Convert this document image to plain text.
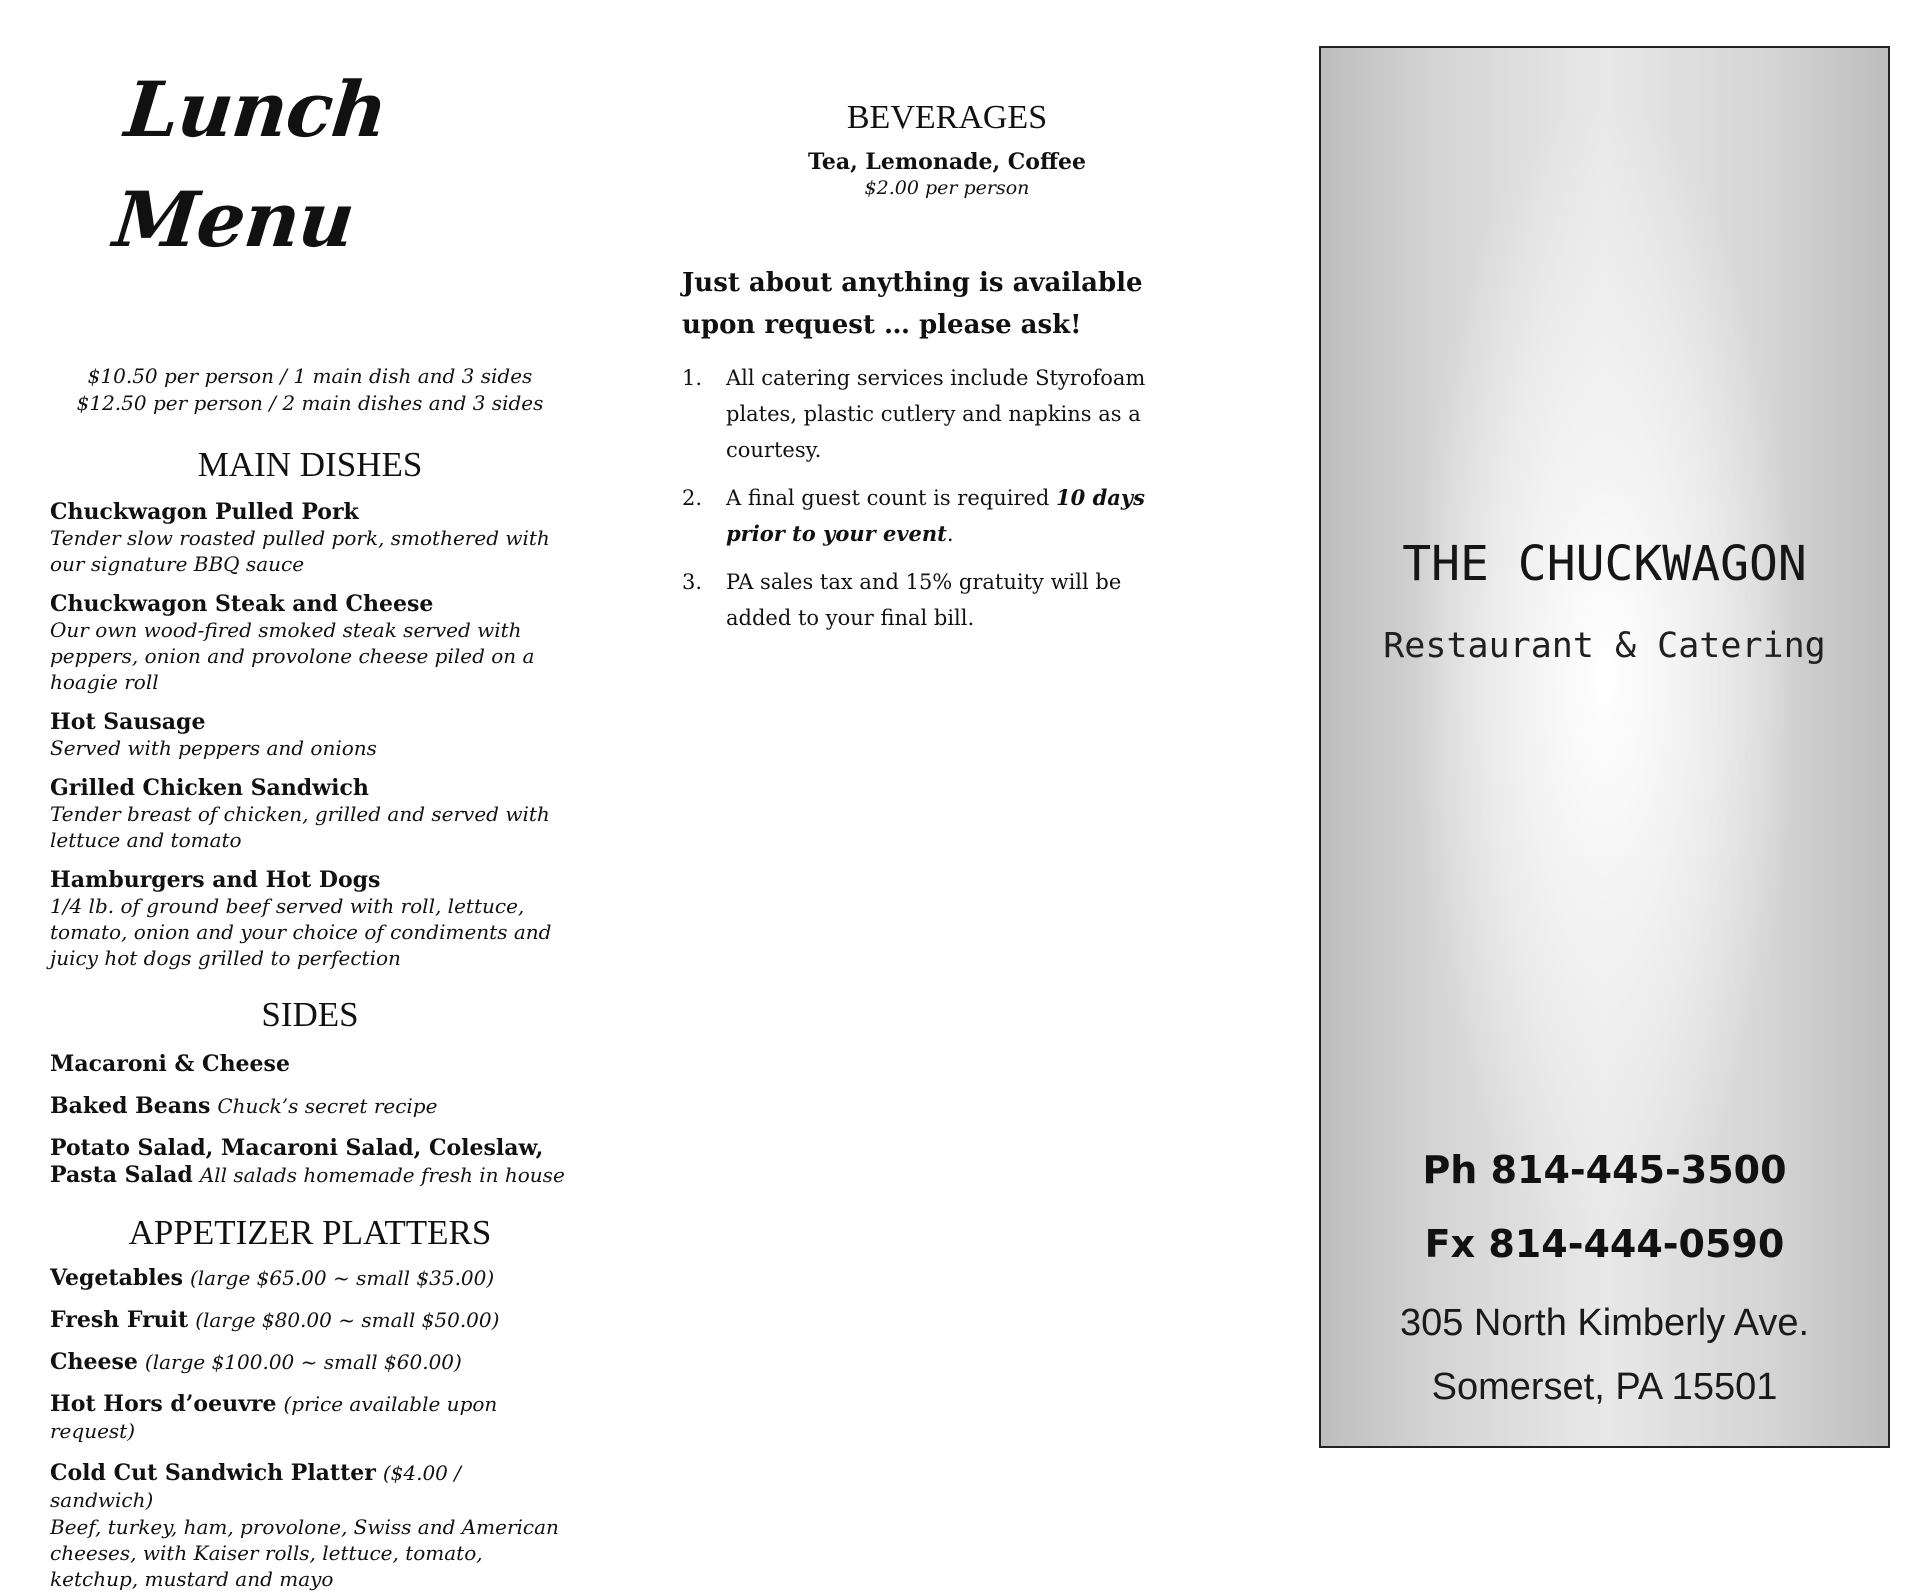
Lunch Menu
$10.50 per person / 1 main dish and 3 sides
$12.50 per person / 2 main dishes and 3 sides
MAIN DISHES
Chuckwagon Pulled Pork
Tender slow roasted pulled pork, smothered with our signature BBQ sauce
Chuckwagon Steak and Cheese
Our own wood-fired smoked steak served with peppers, onion and provolone cheese piled on a hoagie roll
Hot Sausage
Served with peppers and onions
Grilled Chicken Sandwich
Tender breast of chicken, grilled and served with lettuce and tomato
Hamburgers and Hot Dogs
1/4 lb. of ground beef served with roll, lettuce, tomato, onion and your choice of condiments and juicy hot dogs grilled to perfection
SIDES
Macaroni & Cheese
Baked Beans Chuck’s secret recipe
Potato Salad, Macaroni Salad, Coleslaw, Pasta Salad All salads homemade fresh in house
APPETIZER PLATTERS
Vegetables (large $65.00 ~ small $35.00)
Fresh Fruit (large $80.00 ~ small $50.00)
Cheese (large $100.00 ~ small $60.00)
Hot Hors d’oeuvre (price available upon request)
Cold Cut Sandwich Platter ($4.00 / sandwich)
Beef, turkey, ham, provolone, Swiss and American cheeses, with Kaiser rolls, lettuce, tomato, ketchup, mustard and mayo
BEVERAGES
Tea, Lemonade, Coffee
$2.00 per person
Just about anything is available upon request … please ask!
1. All catering services include Styrofoam plates, plastic cutlery and napkins as a courtesy.
2. A final guest count is required 10 days prior to your event.
3. PA sales tax and 15% gratuity will be added to your final bill.
THE CHUCKWAGON
Restaurant & Catering
Ph 814-445-3500
Fx 814-444-0590
305 North Kimberly Ave.
Somerset, PA 15501
